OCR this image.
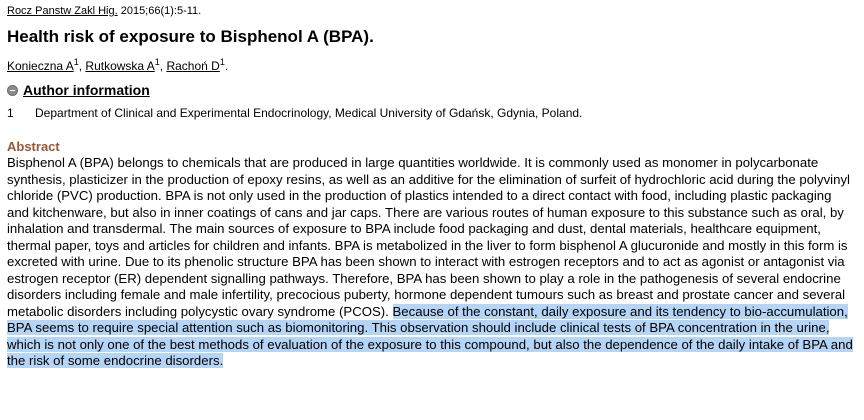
Rocz Panstw Zakl Hig. 2015;66(1):5-11.
Health risk of exposure to Bisphenol A (BPA).
Konieczna $A^1$, Rutkowska $A^1$, Rachoń $D^1$.
Author information
1 Department of Clinical and Experimental Endocrinology, Medical University of Gdańsk, Gdynia, Poland.
Abstract

Bisphenol A (BPA) belongs to chemicals that are produced in large quantities worldwide. It is commonly used as monomer in polycarbonate synthesis, plasticizer in the production of epoxy resins, as well as an additive for the elimination of surfeit of hydrochloric acid during the polyvinyl chloride (PVC) production. BPA is not only used in the production of plastics intended to a direct contact with food, including plastic packaging and kitchenware, but also in inner coatings of cans and jar caps. There are various routes of human exposure to this substance such as oral, by inhalation and transdermal. The main sources of exposure to BPA include food packaging and dust, dental materials, healthcare equipment, thermal paper, toys and articles for children and infants. BPA is metabolized in the liver to form bisphenol A glucuronide and mostly in this form is excreted with urine. Due to its phenolic structure BPA has been shown to interact with estrogen receptors and to act as agonist or antagonist via estrogen receptor (ER) dependent signalling pathways. Therefore, BPA has been shown to play a role in the pathogenesis of several endocrine disorders including female and male infertility, precocious puberty, hormone dependent tumours such as breast and prostate cancer and several metabolic disorders including polycystic ovary syndrome (PCOS). Because of the constant, daily exposure and its tendency to bio-accumulation, BPA seems to require special attention such as biomonitoring. This observation should include clinical tests of BPA concentration in the urine, which is not only one of the best methods of evaluation of the exposure to this compound, but also the dependence of the daily intake of BPA and the risk of some endocrine disorders.
